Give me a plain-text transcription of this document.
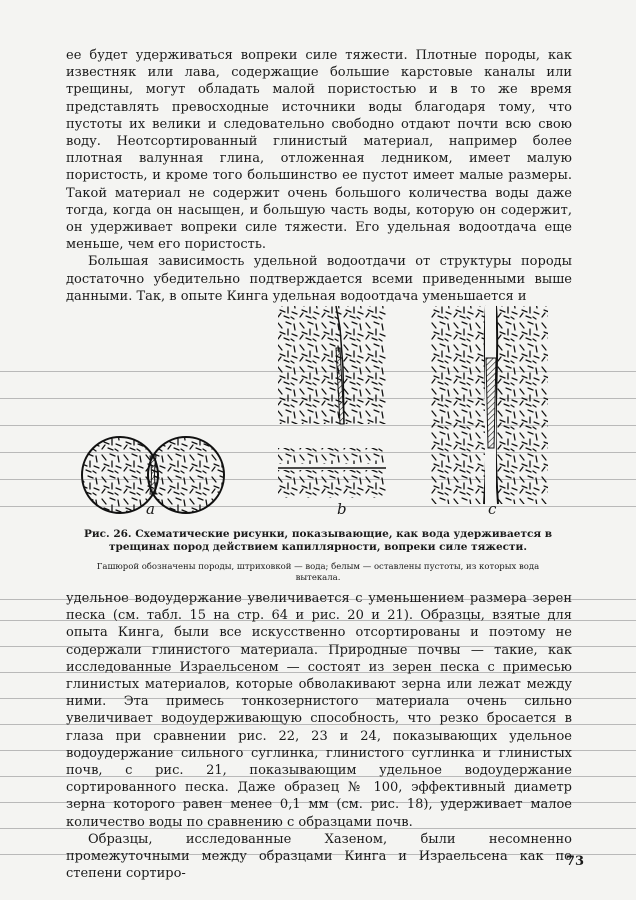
ее будет удерживаться вопреки силе тяжести. Плотные породы, как известняк или лава, содержащие большие карстовые каналы или трещины, могут обладать малой пористостью и в то же время представлять превосходные источники воды благодаря тому, что пустоты их велики и следовательно свободно отдают почти всю свою воду. Неотсортированный глинистый материал, например более плотная валунная глина, отложенная ледником, имеет малую пористость, и кроме того большинство ее пустот имеет малые размеры. Такой материал не содержит очень большого количества воды даже тогда, когда он насыщен, и большую часть воды, которую он содержит, он удерживает вопреки силе тяжести. Его удельная водоотдача еще меньше, чем его пористость.

Большая зависимость удельной водоотдачи от структуры породы достаточно убедительно подтверждается всеми приведенными выше данными. Так, в опыте Кинга удельная водоотдача уменьшается и

a	b	c
Рис. 26. Схематические рисунки, показывающие, как вода удерживается в трещинах пород действием капиллярности, вопреки силе тяжести.
Гашюрой обозначены породы, штриховкой — вода; белым — оставлены пустоты, из которых вода вытекала.

удельное водоудержание увеличивается с уменьшением размера зерен песка (см. табл. 15 на стр. 64 и рис. 20 и 21). Образцы, взятые для опыта Кинга, были все искусственно отсортированы и поэтому не содержали глинистого материала. Природные почвы — такие, как исследованные Израельсеном — состоят из зерен песка с примесью глинистых материалов, которые обволакивают зерна или лежат между ними. Эта примесь тонкозернистого материала очень сильно увеличивает водоудерживающую способность, что резко бросается в глаза при сравнении рис. 22, 23 и 24, показывающих удельное водоудержание сильного суглинка, глинистого суглинка и глинистых почв, с рис. 21, показывающим удельное водоудержание сортированного песка. Даже образец № 100, эффективный диаметр зерна которого равен менее 0,1 мм (см. рис. 18), удерживает малое количество воды по сравнению с образцами почв.

Образцы, исследованные Хазеном, были несомненно промежуточными между образцами Кинга и Израельсена как по степени сортиро-

73
